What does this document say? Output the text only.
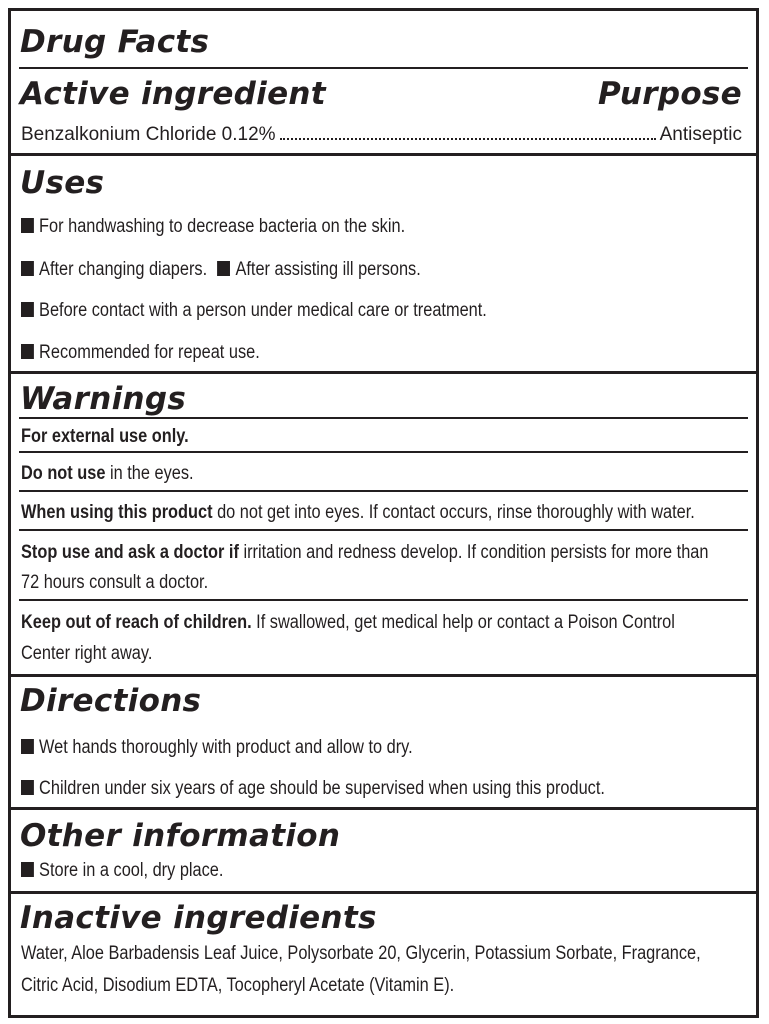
Drug Facts
Active ingredient	Purpose
Benzalkonium Chloride 0.12%	Antiseptic
Uses
For handwashing to decrease bacteria on the skin.
After changing diapers. After assisting ill persons.
Before contact with a person under medical care or treatment.
Recommended for repeat use.
Warnings
For external use only.
Do not use in the eyes.
When using this product do not get into eyes. If contact occurs, rinse thoroughly with water.
Stop use and ask a doctor if irritation and redness develop. If condition persists for more than
72 hours consult a doctor.
Keep out of reach of children. If swallowed, get medical help or contact a Poison Control
Center right away.
Directions
Wet hands thoroughly with product and allow to dry.
Children under six years of age should be supervised when using this product.
Other information
Store in a cool, dry place.
Inactive ingredients
Water, Aloe Barbadensis Leaf Juice, Polysorbate 20, Glycerin, Potassium Sorbate, Fragrance,
Citric Acid, Disodium EDTA, Tocopheryl Acetate (Vitamin E).
